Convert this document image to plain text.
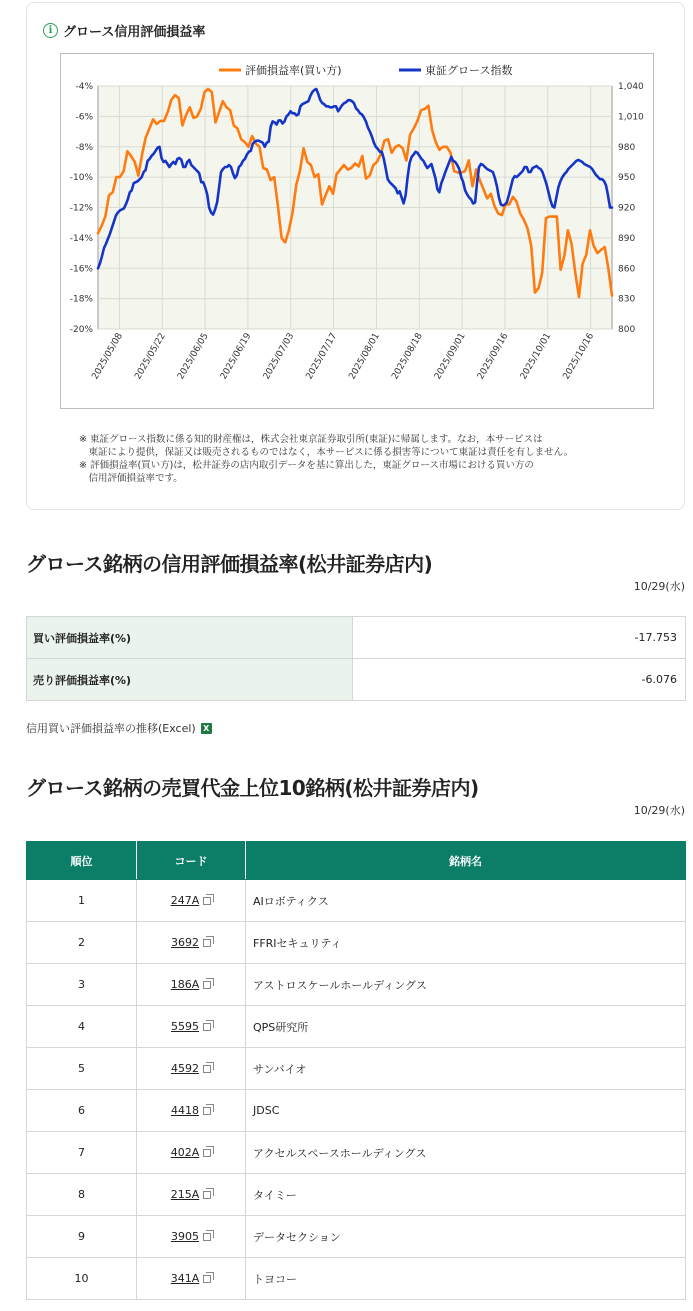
i グロース信用評価損益率
-4%
-6%
-8%
-10%
-12%
-14%
-16%
-18%
-20%
1,040
1,010
980
950
920
890
860
830
800
2025/05/08 2025/05/22 2025/06/05 2025/06/19 2025/07/03 2025/07/17 2025/08/01 2025/08/18 2025/09/01 2025/09/16 2025/10/01 2025/10/16
評価損益率(買い方)	東証グロース指数
※ 東証グロース指数に係る知的財産権は，株式会社東京証券取引所(東証)に帰属します。なお，本サービスは
　東証により提供，保証又は販売されるものではなく，本サービスに係る損害等について東証は責任を有しません。
※ 評価損益率(買い方)は，松井証券の店内取引データを基に算出した，東証グロース市場における買い方の
　信用評価損益率です。
グロース銘柄の信用評価損益率(松井証券店内)
10/29(水)
買い評価損益率(%)	-17.753
売り評価損益率(%)	-6.076
信用買い評価損益率の推移(Excel) X
グロース銘柄の売買代金上位10銘柄(松井証券店内)
10/29(水)
順位	コード	銘柄名
1	247A	AIロボティクス
2	3692	FFRIセキュリティ
3	186A	アストロスケールホールディングス
4	5595	QPS研究所
5	4592	サンバイオ
6	4418	JDSC
7	402A	アクセルスペースホールディングス
8	215A	タイミー
9	3905	データセクション
10	341A	トヨコー
